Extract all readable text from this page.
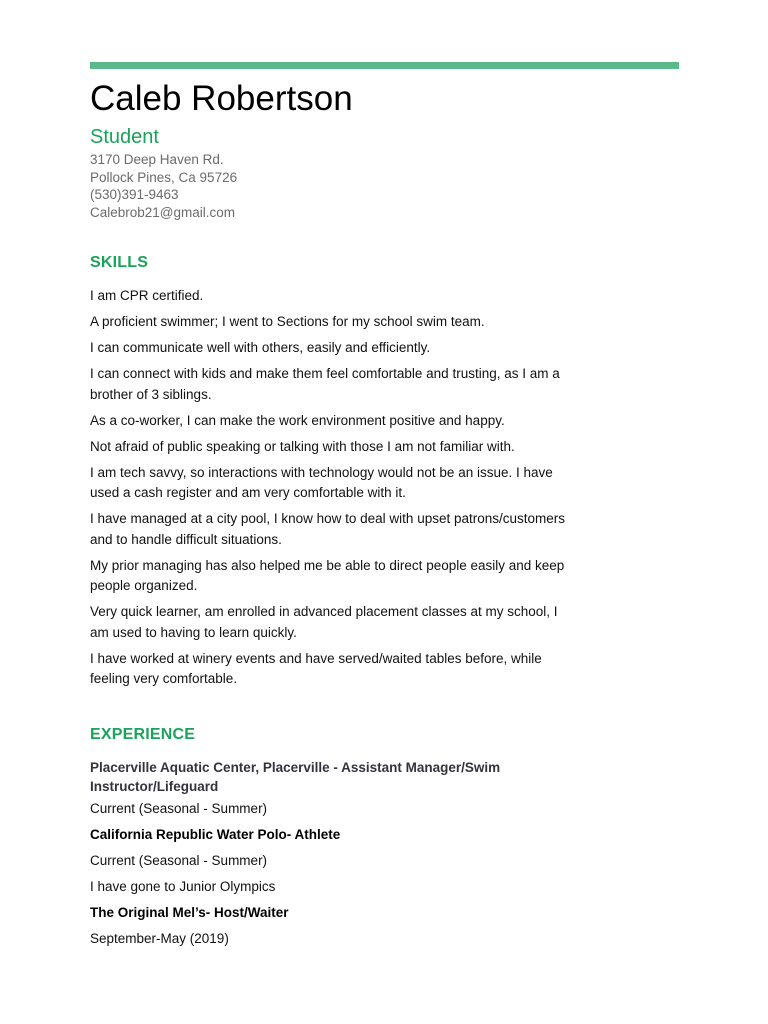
Caleb Robertson
Student
3170 Deep Haven Rd.
Pollock Pines, Ca 95726
(530)391-9463
Calebrob21@gmail.com
SKILLS

I am CPR certified.

A proficient swimmer; I went to Sections for my school swim team.

I can communicate well with others, easily and efficiently.

I can connect with kids and make them feel comfortable and trusting, as I am a brother of 3 siblings.

As a co-worker, I can make the work environment positive and happy.

Not afraid of public speaking or talking with those I am not familiar with.

I am tech savvy, so interactions with technology would not be an issue. I have used a cash register and am very comfortable with it.

I have managed at a city pool, I know how to deal with upset patrons/customers and to handle difficult situations.

My prior managing has also helped me be able to direct people easily and keep people organized.

Very quick learner, am enrolled in advanced placement classes at my school, I am used to having to learn quickly.

I have worked at winery events and have served/waited tables before, while feeling very comfortable.

EXPERIENCE
Placerville Aquatic Center, Placerville - Assistant Manager/Swim Instructor/Lifeguard
Current (Seasonal - Summer)
California Republic Water Polo- Athlete
Current (Seasonal - Summer)
I have gone to Junior Olympics
The Original Mel’s- Host/Waiter
September-May (2019)
